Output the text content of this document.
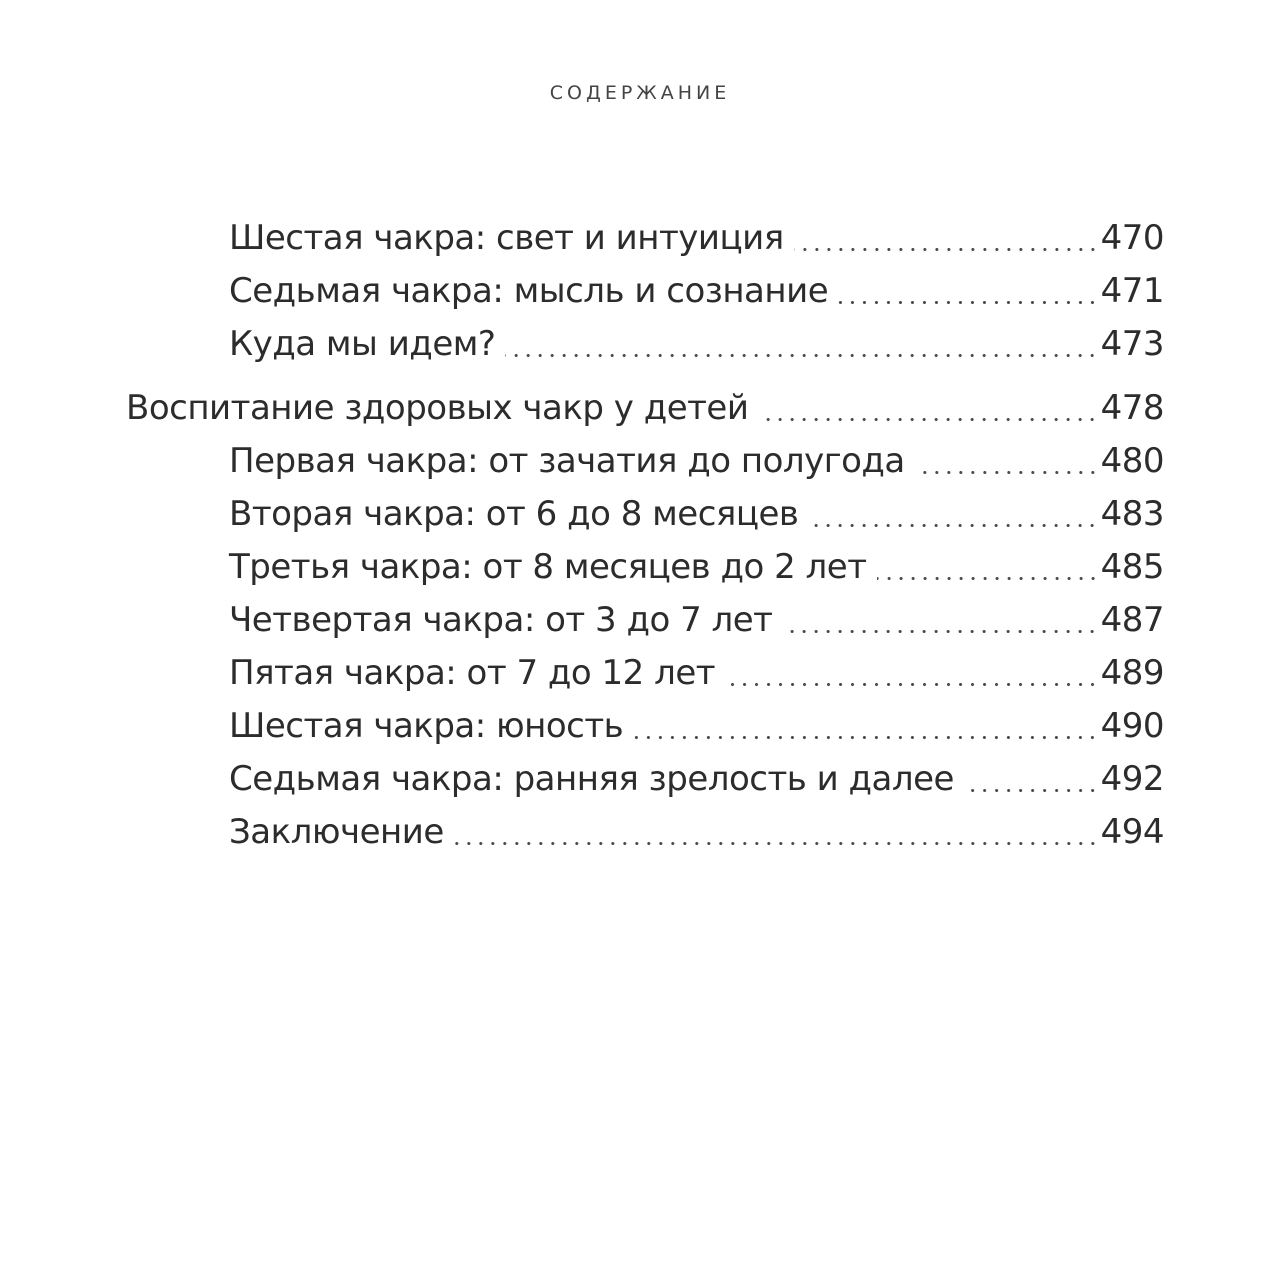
СОДЕРЖАНИЕ
Шестая чакра: свет и интуиция	470
Седьмая чакра: мысль и сознание	471
Куда мы идем?	473
Воспитание здоровых чакр у детей	478
Первая чакра: от зачатия до полугода	480
Вторая чакра: от 6 до 8 месяцев	483
Третья чакра: от 8 месяцев до 2 лет	485
Четвертая чакра: от 3 до 7 лет	487
Пятая чакра: от 7 до 12 лет	489
Шестая чакра: юность	490
Седьмая чакра: ранняя зрелость и далее	492
Заключение	494
